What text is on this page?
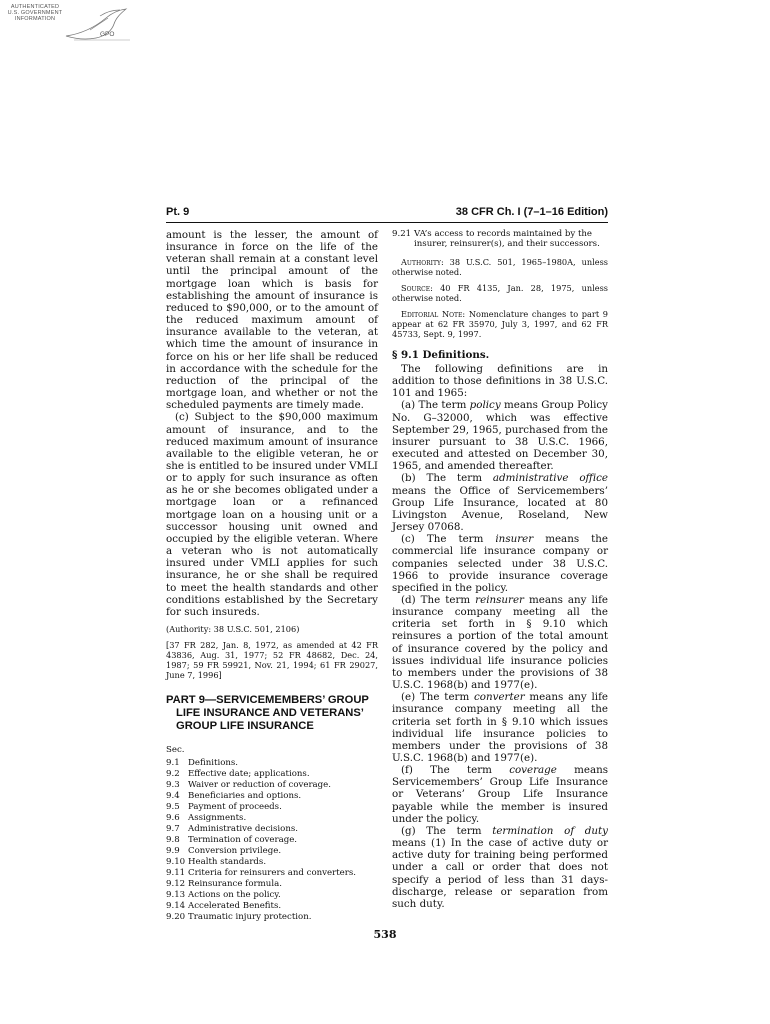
AUTHENTICATED
U.S. GOVERNMENT
INFORMATION
GPO
Pt. 9	38 CFR Ch. I (7–1–16 Edition)

amount is the lesser, the amount of insurance in force on the life of the veteran shall remain at a constant level until the principal amount of the mortgage loan which is basis for establishing the amount of insurance is reduced to $90,000, or to the amount of the reduced maximum amount of insurance available to the veteran, at which time the amount of insurance in force on his or her life shall be reduced in accordance with the schedule for the reduction of the principal of the mortgage loan, and whether or not the scheduled payments are timely made.

(c) Subject to the $90,000 maximum amount of insurance, and to the reduced maximum amount of insurance available to the eligible veteran, he or she is entitled to be insured under VMLI or to apply for such insurance as often as he or she becomes obligated under a mortgage loan or a refinanced mortgage loan on a housing unit or a successor housing unit owned and occupied by the eligible veteran. Where a veteran who is not automatically insured under VMLI applies for such insurance, he or she shall be required to meet the health standards and other conditions established by the Secretary for such insureds.

(Authority: 38 U.S.C. 501, 2106)

[37 FR 282, Jan. 8, 1972, as amended at 42 FR 43836, Aug. 31, 1977; 52 FR 48682, Dec. 24, 1987; 59 FR 59921, Nov. 21, 1994; 61 FR 29027, June 7, 1996]

PART 9—SERVICEMEMBERS’ GROUP LIFE INSURANCE AND VETERANS’ GROUP LIFE INSURANCE
Sec.
9.1 Definitions.
9.2 Effective date; applications.
9.3 Waiver or reduction of coverage.
9.4 Beneficiaries and options.
9.5 Payment of proceeds.
9.6 Assignments.
9.7 Administrative decisions.
9.8 Termination of coverage.
9.9 Conversion privilege.
9.10 Health standards.
9.11 Criteria for reinsurers and converters.
9.12 Reinsurance formula.
9.13 Actions on the policy.
9.14 Accelerated Benefits.
9.20 Traumatic injury protection.
9.21 VA’s access to records maintained by the insurer, reinsurer(s), and their successors.

Authority: 38 U.S.C. 501, 1965–1980A, unless otherwise noted.

Source: 40 FR 4135, Jan. 28, 1975, unless otherwise noted.

Editorial Note: Nomenclature changes to part 9 appear at 62 FR 35970, July 3, 1997, and 62 FR 45733, Sept. 9, 1997.

§ 9.1 Definitions.

The following definitions are in addition to those definitions in 38 U.S.C. 101 and 1965:

(a) The term policy means Group Policy No. G–32000, which was effective September 29, 1965, purchased from the insurer pursuant to 38 U.S.C. 1966, executed and attested on December 30, 1965, and amended thereafter.

(b) The term administrative office means the Office of Servicemembers’ Group Life Insurance, located at 80 Livingston Avenue, Roseland, New Jersey 07068.

(c) The term insurer means the commercial life insurance company or companies selected under 38 U.S.C. 1966 to provide insurance coverage specified in the policy.

(d) The term reinsurer means any life insurance company meeting all the criteria set forth in § 9.10 which reinsures a portion of the total amount of insurance covered by the policy and issues individual life insurance policies to members under the provisions of 38 U.S.C. 1968(b) and 1977(e).

(e) The term converter means any life insurance company meeting all the criteria set forth in § 9.10 which issues individual life insurance policies to members under the provisions of 38 U.S.C. 1968(b) and 1977(e).

(f) The term coverage means Servicemembers’ Group Life Insurance or Veterans’ Group Life Insurance payable while the member is insured under the policy.

(g) The term termination of duty means (1) In the case of active duty or active duty for training being performed under a call or order that does not specify a period of less than 31 days-discharge, release or separation from such duty.

538
